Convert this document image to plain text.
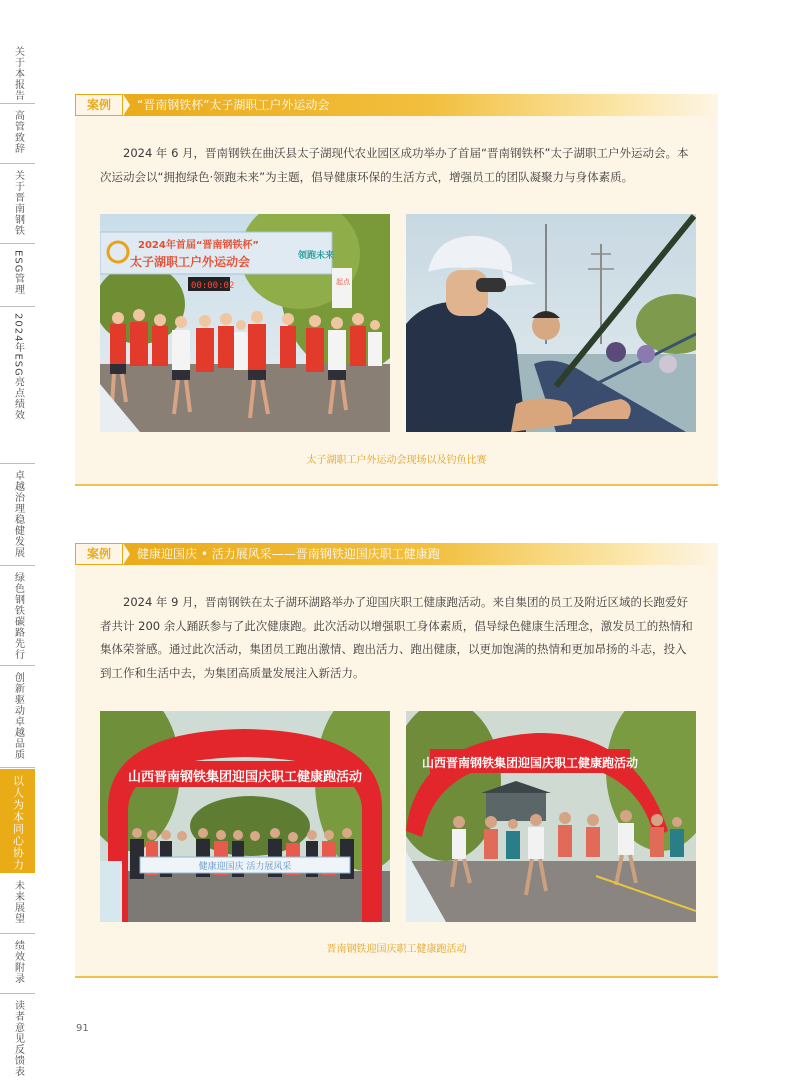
关于本报告
高管致辞
关于晋南钢铁
ESG管理
2024年ESG亮点绩效
卓越治理稳健发展
绿色钢铁碳路先行
创新驱动卓越品质
以人为本同心协力
未来展望
绩效附录
读者意见反馈表
案例	“晋南钢铁杯”太子湖职工户外运动会

2024 年 6 月，晋南钢铁在曲沃县太子湖现代农业园区成功举办了首届“晋南钢铁杯”太子湖职工户外运动会。本次运动会以“拥抱绿色·领跑未来”为主题，倡导健康环保的生活方式，增强员工的团队凝聚力与身体素质。

2024年首届“晋南钢铁杯”
太子湖职工户外运动会	领跑未来
00:00:02	起点
太子湖职工户外运动会现场以及钓鱼比赛
案例	健康迎国庆 • 活力展风采——晋南钢铁迎国庆职工健康跑

2024 年 9 月，晋南钢铁在太子湖环湖路举办了迎国庆职工健康跑活动。来自集团的员工及附近区域的长跑爱好者共计 200 余人踊跃参与了此次健康跑。此次活动以增强职工身体素质，倡导绿色健康生活理念，激发员工的热情和集体荣誉感。通过此次活动，集团员工跑出激情、跑出活力、跑出健康，以更加饱满的热情和更加昂扬的斗志，投入到工作和生活中去，为集团高质量发展注入新活力。

山西晋南钢铁集团迎国庆职工健康跑活动
健康迎国庆 活力展风采
山西晋南钢铁集团迎国庆职工健康跑活动
晋南钢铁迎国庆职工健康跑活动
91
